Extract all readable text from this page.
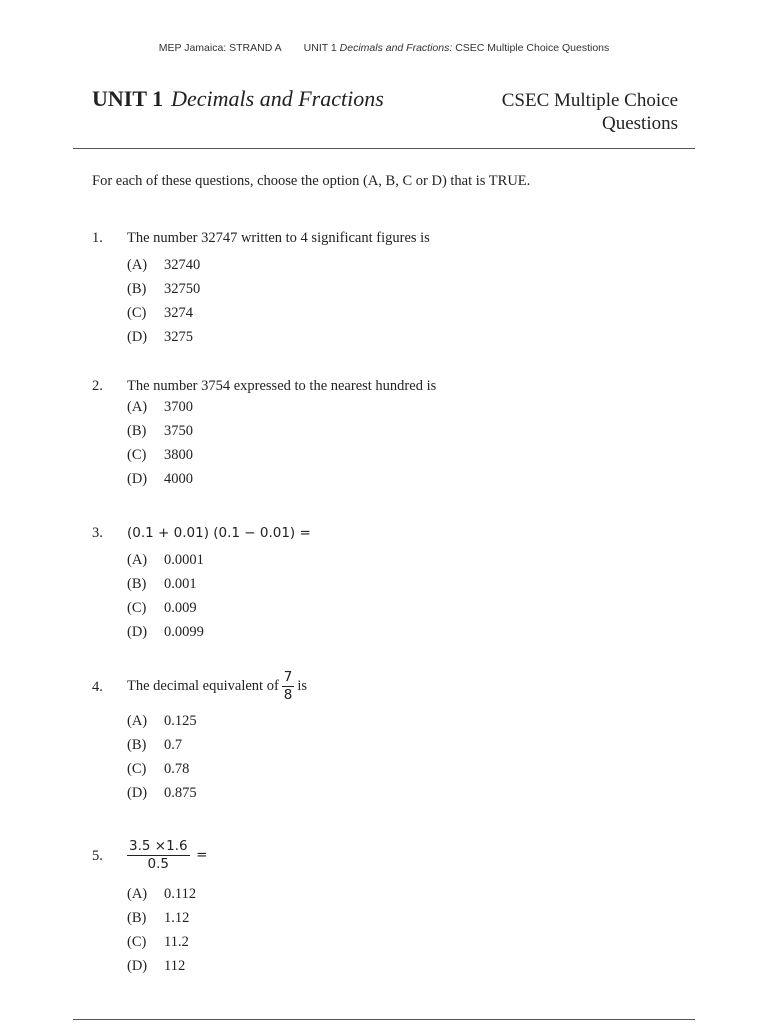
MEP Jamaica: STRAND A UNIT 1 Decimals and Fractions: CSEC Multiple Choice Questions
UNIT 1 Decimals and Fractions	CSEC Multiple Choice
Questions
For each of these questions, choose the option (A, B, C or D) that is TRUE.
1. The number 32747 written to 4 significant figures is
(A) 32740
(B) 32750
(C) 3274
(D) 3275
2. The number 3754 expressed to the nearest hundred is
(A) 3700
(B) 3750
(C) 3800
(D) 4000
3. (0.1 + 0.01) (0.1 − 0.01) =
(A) 0.0001
(B) 0.001
(C) 0.009
(D) 0.0099
4. The decimal equivalent of $\frac{7}{8}$ is
(A) 0.125
(B) 0.7
(C) 0.78
(D) 0.875
5. $\frac{3.5 \times 1.6}{0.5}$ =
(A) 0.112
(B) 1.12
(C) 11.2
(D) 112
